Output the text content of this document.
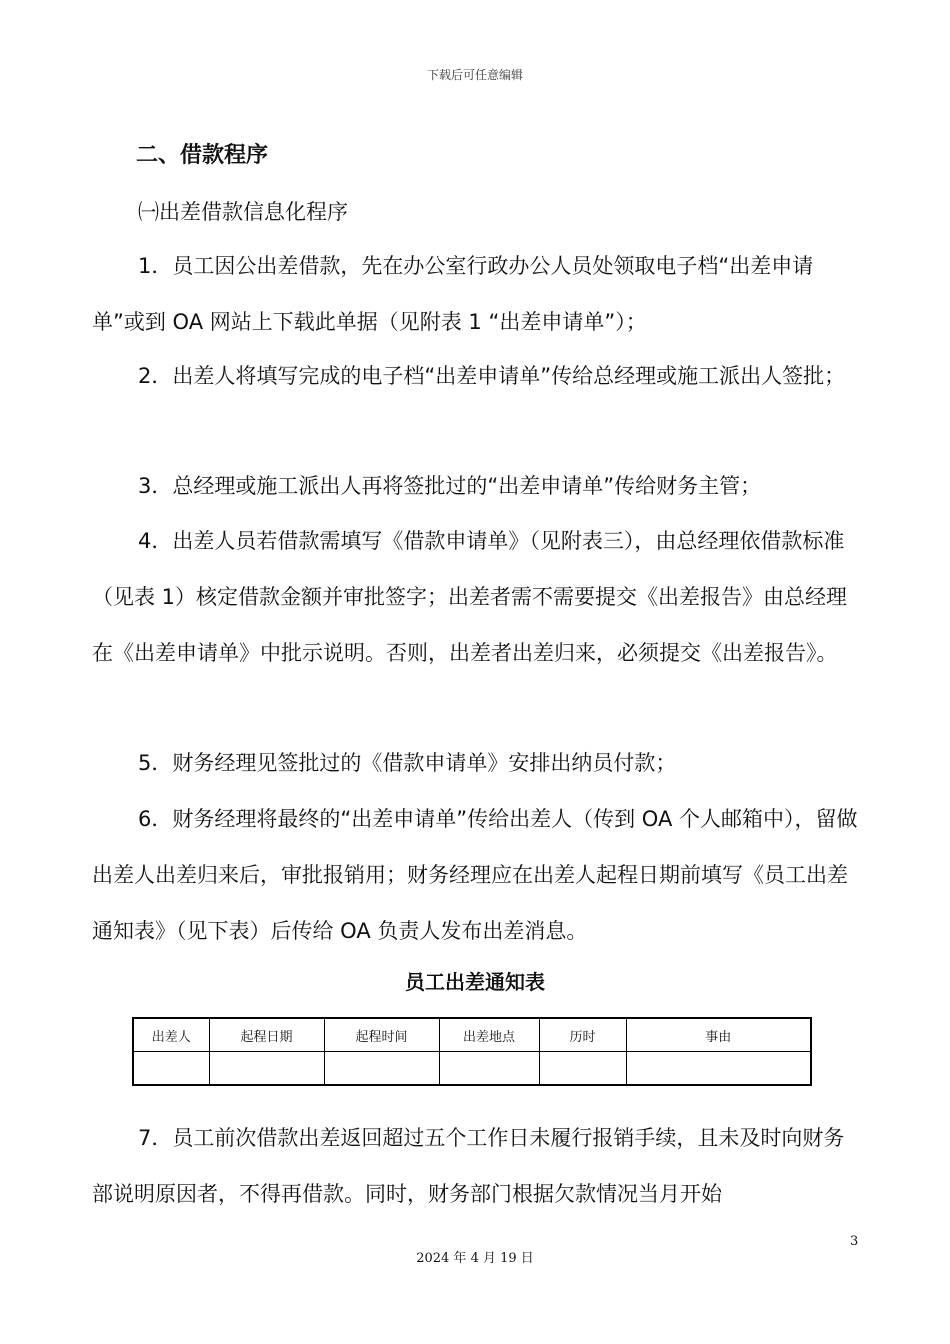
下载后可任意编辑
二、借款程序
㈠出差借款信息化程序
1．员工因公出差借款，先在办公室行政办公人员处领取电子档“出差申请单”或到 OA 网站上下载此单据（见附表 1 “出差申请单”）；
2．出差人将填写完成的电子档“出差申请单”传给总经理或施工派出人签批；
3．总经理或施工派出人再将签批过的“出差申请单”传给财务主管；
4．出差人员若借款需填写《借款申请单》（见附表三），由总经理依借款标准（见表 1）核定借款金额并审批签字；出差者需不需要提交《出差报告》由总经理在《出差申请单》中批示说明。否则，出差者出差归来，必须提交《出差报告》。
5．财务经理见签批过的《借款申请单》安排出纳员付款；
6．财务经理将最终的“出差申请单”传给出差人（传到 OA 个人邮箱中），留做出差人出差归来后，审批报销用；财务经理应在出差人起程日期前填写《员工出差通知表》（见下表）后传给 OA 负责人发布出差消息。
员工出差通知表
出差人	起程日期	起程时间	出差地点	历时	事由

7．员工前次借款出差返回超过五个工作日未履行报销手续，且未及时向财务部说明原因者，不得再借款。同时，财务部门根据欠款情况当月开始
3
2024 年 4 月 19 日
